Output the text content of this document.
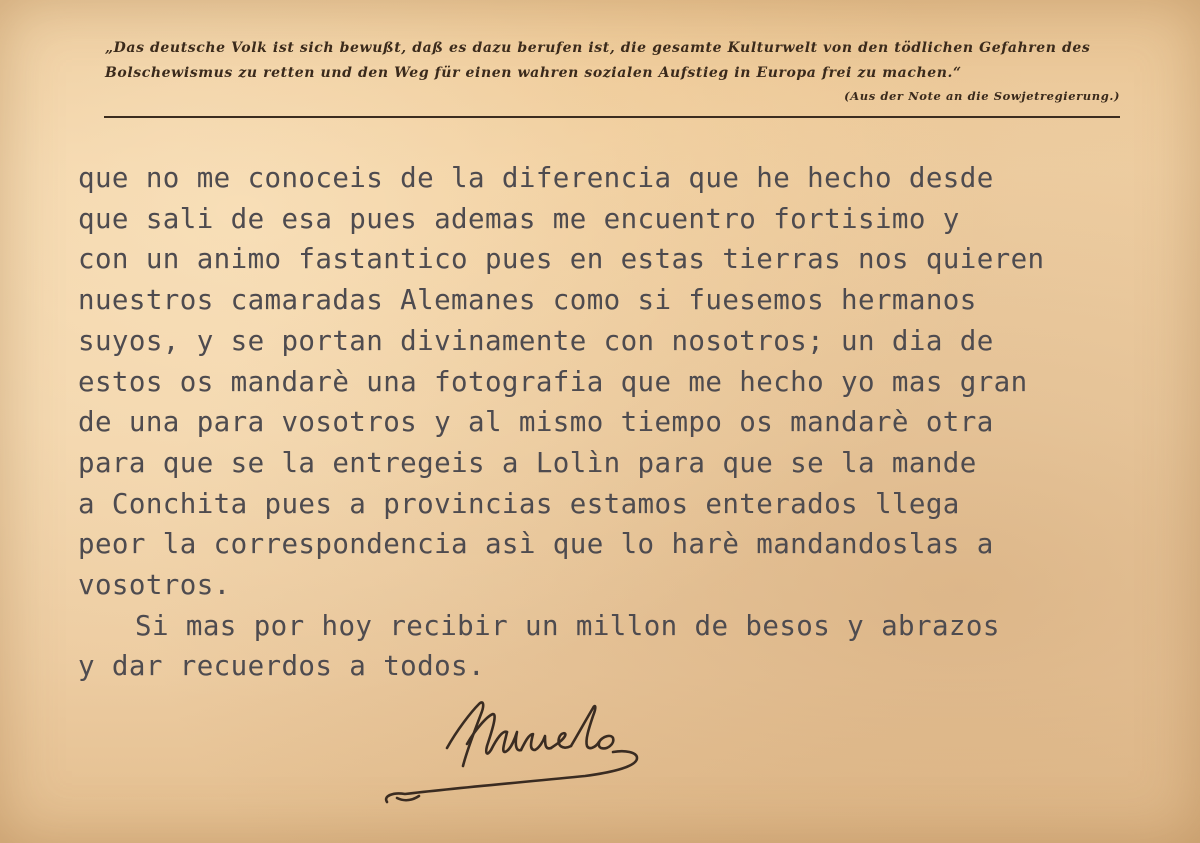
„Das deutsche Volk ist sich bewußt, daß es dazu berufen ist, die gesamte Kulturwelt von den tödlichen Gefahren des
Bolschewismus zu retten und den Weg für einen wahren sozialen Aufstieg in Europa frei zu machen.“
(Aus der Note an die Sowjetregierung.)
que no me conoceis de la diferencia que he hecho desde
que sali de esa pues ademas me encuentro fortisimo y
con un animo fastantico pues en estas tierras nos quieren
nuestros camaradas Alemanes como si fuesemos hermanos
suyos, y se portan divinamente con nosotros; un dia de
estos os mandarè una fotografia que me hecho yo mas gran
de una para vosotros y al mismo tiempo os mandarè otra
para que se la entregeis a Lolìn para que se la mande
a Conchita pues a provincias estamos enterados llega
peor la correspondencia asì que lo harè mandandoslas a
vosotros.
Si mas por hoy recibir un millon de besos y abrazos
y dar recuerdos a todos.
